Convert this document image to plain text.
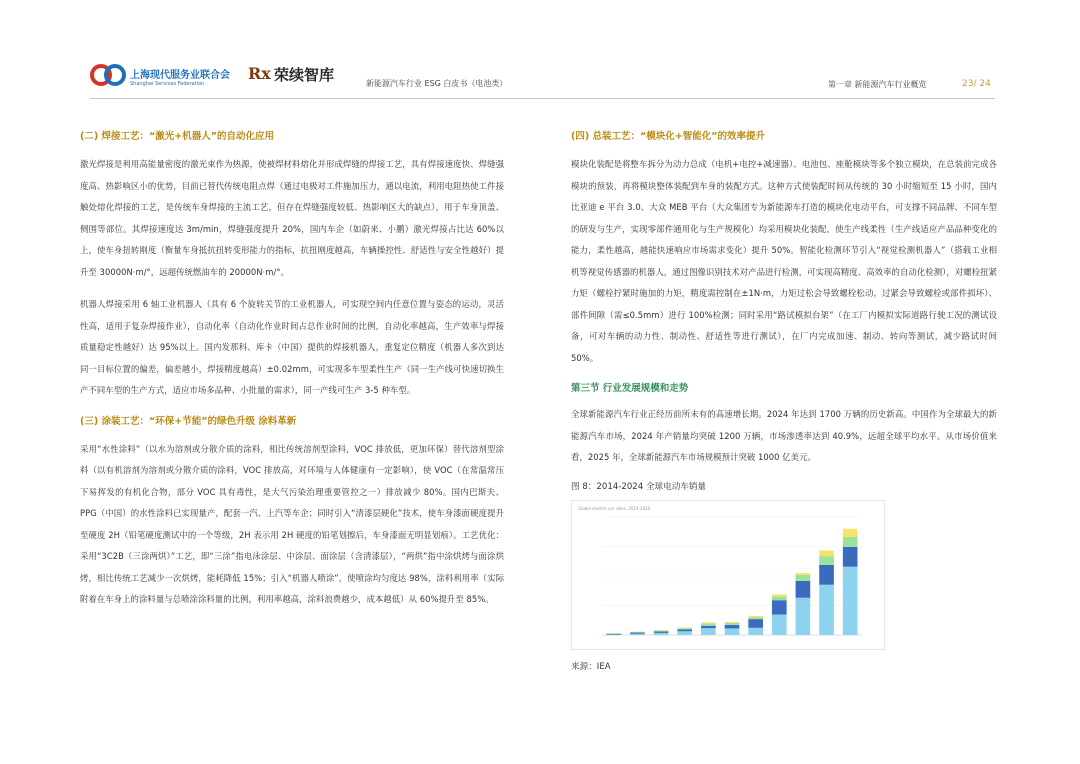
上海现代服务业联合会
Shanghai Services Federation
Rx 荣续智库	新能源汽车行业 ESG 白皮书（电池类）	第一章 新能源汽车行业概览	23/ 24
(二) 焊接工艺：“激光+机器人”的自动化应用

激光焊接是利用高能量密度的激光束作为热源，使被焊材料熔化并形成焊缝的焊接工艺，具有焊接速度快、焊缝强度高、热影响区小的优势，目前已替代传统电阻点焊（通过电极对工件施加压力，通以电流，利用电阻热使工件接触处熔化焊接的工艺，是传统车身焊接的主流工艺，但存在焊缝强度较低、热影响区大的缺点），用于车身顶盖、侧围等部位。其焊接速度达 3m/min，焊缝强度提升 20%，国内车企（如蔚来、小鹏）激光焊接占比达 60%以上，使车身扭转刚度（衡量车身抵抗扭转变形能力的指标，抗扭刚度越高，车辆操控性、舒适性与安全性越好）提升至 30000N·m/°，远超传统燃油车的 20000N·m/°。

机器人焊接采用 6 轴工业机器人（具有 6 个旋转关节的工业机器人，可实现空间内任意位置与姿态的运动，灵活性高，适用于复杂焊接作业），自动化率（自动化作业时间占总作业时间的比例，自动化率越高，生产效率与焊接质量稳定性越好）达 95%以上。国内发那科、库卡（中国）提供的焊接机器人，重复定位精度（机器人多次到达同一目标位置的偏差，偏差越小，焊接精度越高）±0.02mm，可实现多车型柔性生产（同一生产线可快速切换生产不同车型的生产方式，适应市场多品种、小批量的需求），同一产线可生产 3-5 种车型。

(三) 涂装工艺：“环保+节能”的绿色升级 涂料革新

采用“水性涂料”（以水为溶剂或分散介质的涂料，相比传统溶剂型涂料，VOC 排放低，更加环保）替代溶剂型涂料（以有机溶剂为溶剂或分散介质的涂料，VOC 排放高，对环境与人体健康有一定影响），使 VOC（在常温常压下易挥发的有机化合物，部分 VOC 具有毒性，是大气污染治理重要管控之一）排放减少 80%。国内巴斯夫、PPG（中国）的水性涂料已实现量产，配套一汽、上汽等车企；同时引入“清漆层硬化”技术，使车身漆面硬度提升至硬度 2H（铅笔硬度测试中的一个等级，2H 表示用 2H 硬度的铅笔划擦后，车身漆面无明显划痕）。工艺优化：采用“3C2B（三涂两烘）”工艺，即“三涂”指电泳涂层、中涂层、面涂层（含清漆层），“两烘”指中涂烘烤与面涂烘烤，相比传统工艺减少一次烘烤，能耗降低 15%；引入“机器人喷涂”，使喷涂均匀度达 98%，涂料利用率（实际附着在车身上的涂料量与总喷涂涂料量的比例，利用率越高，涂料浪费越少，成本越低）从 60%提升至 85%。

(四) 总装工艺：“模块化+智能化”的效率提升

模块化装配是将整车拆分为动力总成（电机+电控+减速器）、电池包、座舱模块等多个独立模块，在总装前完成各模块的预装，再将模块整体装配到车身的装配方式。这种方式使装配时间从传统的 30 小时缩短至 15 小时，国内比亚迪 e 平台 3.0、大众 MEB 平台（大众集团专为新能源车打造的模块化电动平台，可支撑不同品牌、不同车型的研发与生产，实现零部件通用化与生产规模化）均采用模块化装配，使生产线柔性（生产线适应产品品种变化的能力，柔性越高，越能快速响应市场需求变化）提升 50%。智能化检测环节引入“视觉检测机器人”（搭载工业相机等视觉传感器的机器人，通过图像识别技术对产品进行检测，可实现高精度、高效率的自动化检测），对螺栓扭紧力矩（螺栓拧紧时施加的力矩，精度需控制在±1N·m，力矩过松会导致螺栓松动，过紧会导致螺栓或部件损坏）、部件间隙（需≤0.5mm）进行 100%检测；同时采用“路试模拟台架”（在工厂内模拟实际道路行驶工况的测试设备，可对车辆的动力性、制动性、舒适性等进行测试），在厂内完成加速、制动、转向等测试，减少路试时间 50%。

第三节 行业发展规模和走势

全球新能源汽车行业正经历前所未有的高速增长期。2024 年达到 1700 万辆的历史新高。中国作为全球最大的新能源汽车市场，2024 年产销量均突破 1200 万辆，市场渗透率达到 40.9%，远超全球平均水平。从市场价值来看，2025 年，全球新能源汽车市场规模预计突破 1000 亿美元。

图 8：2014-2024 全球电动车销量
Global electric car sales, 2014-2024
来源：IEA
